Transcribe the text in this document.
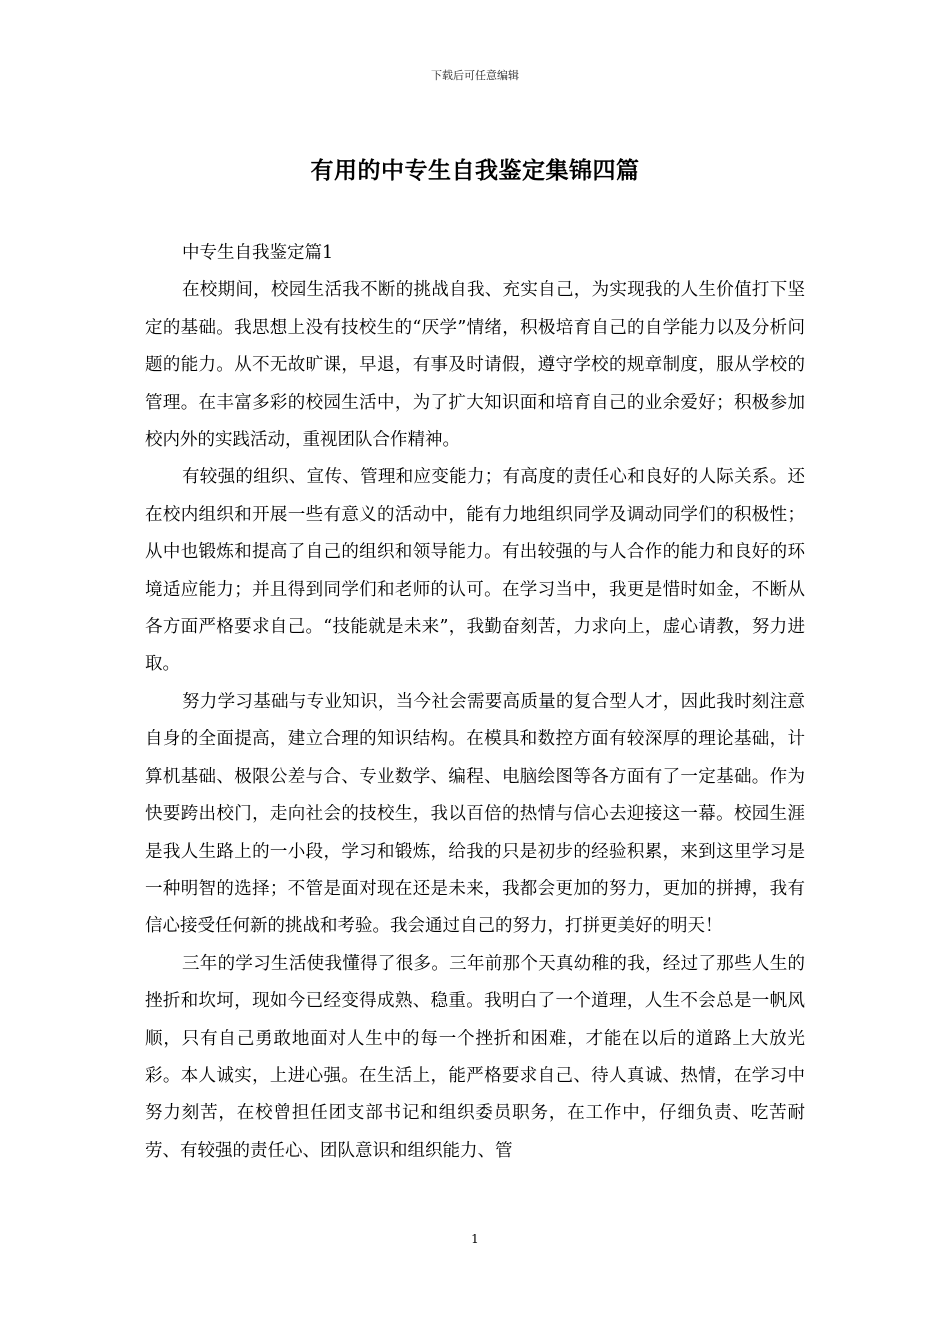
下载后可任意编辑
有用的中专生自我鉴定集锦四篇

中专生自我鉴定篇1

在校期间，校园生活我不断的挑战自我、充实自己，为实现我的人生价值打下坚定的基础。我思想上没有技校生的“厌学”情绪，积极培育自己的自学能力以及分析问题的能力。从不无故旷课，早退，有事及时请假，遵守学校的规章制度，服从学校的管理。在丰富多彩的校园生活中，为了扩大知识面和培育自己的业余爱好；积极参加校内外的实践活动，重视团队合作精神。

有较强的组织、宣传、管理和应变能力；有高度的责任心和良好的人际关系。还在校内组织和开展一些有意义的活动中，能有力地组织同学及调动同学们的积极性；从中也锻炼和提高了自己的组织和领导能力。有出较强的与人合作的能力和良好的环境适应能力；并且得到同学们和老师的认可。在学习当中，我更是惜时如金，不断从各方面严格要求自己。“技能就是未来”，我勤奋刻苦，力求向上，虚心请教，努力进取。

努力学习基础与专业知识，当今社会需要高质量的复合型人才，因此我时刻注意自身的全面提高，建立合理的知识结构。在模具和数控方面有较深厚的理论基础，计算机基础、极限公差与合、专业数学、编程、电脑绘图等各方面有了一定基础。作为快要跨出校门，走向社会的技校生，我以百倍的热情与信心去迎接这一幕。校园生涯是我人生路上的一小段，学习和锻炼，给我的只是初步的经验积累，来到这里学习是一种明智的选择；不管是面对现在还是未来，我都会更加的努力，更加的拼搏，我有信心接受任何新的挑战和考验。我会通过自己的努力，打拼更美好的明天！

三年的学习生活使我懂得了很多。三年前那个天真幼稚的我，经过了那些人生的挫折和坎坷，现如今已经变得成熟、稳重。我明白了一个道理，人生不会总是一帆风顺，只有自己勇敢地面对人生中的每一个挫折和困难，才能在以后的道路上大放光彩。本人诚实，上进心强。在生活上，能严格要求自己、待人真诚、热情，在学习中努力刻苦，在校曾担任团支部书记和组织委员职务，在工作中，仔细负责、吃苦耐劳、有较强的责任心、团队意识和组织能力、管

1
